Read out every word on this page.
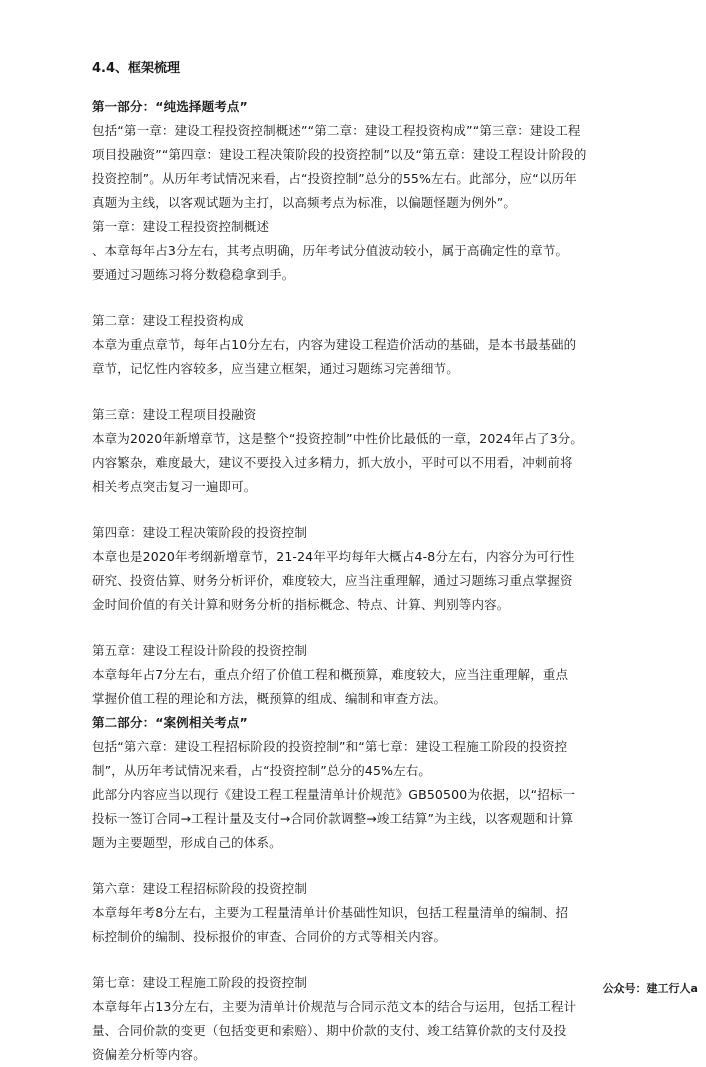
4.4、框架梳理
第一部分：“纯选择题考点”
包括“第一章：建设工程投资控制概述”“第二章：建设工程投资构成”“第三章：建设工程
项目投融资”“第四章：建设工程决策阶段的投资控制”以及“第五章：建设工程设计阶段的
投资控制”。从历年考试情况来看，占“投资控制”总分的55%左右。此部分，应“以历年
真题为主线，以客观试题为主打，以高频考点为标准，以偏题怪题为例外”。
第一章：建设工程投资控制概述
、本章每年占3分左右，其考点明确，历年考试分值波动较小，属于高确定性的章节。
要通过习题练习将分数稳稳拿到手。
第二章：建设工程投资构成
本章为重点章节，每年占10分左右，内容为建设工程造价活动的基础，是本书最基础的
章节，记忆性内容较多，应当建立框架，通过习题练习完善细节。
第三章：建设工程项目投融资
本章为2020年新增章节，这是整个“投资控制”中性价比最低的一章，2024年占了3分。
内容繁杂，难度最大，建议不要投入过多精力，抓大放小，平时可以不用看，冲刺前将
相关考点突击复习一遍即可。
第四章：建设工程决策阶段的投资控制
本章也是2020年考纲新增章节，21-24年平均每年大概占4-8分左右，内容分为可行性
研究、投资估算、财务分析评价，难度较大，应当注重理解，通过习题练习重点掌握资
金时间价值的有关计算和财务分析的指标概念、特点、计算、判别等内容。
第五章：建设工程设计阶段的投资控制
本章每年占7分左右，重点介绍了价值工程和概预算，难度较大，应当注重理解，重点
掌握价值工程的理论和方法，概预算的组成、编制和审查方法。
第二部分：“案例相关考点”
包括“第六章：建设工程招标阶段的投资控制”和“第七章：建设工程施工阶段的投资控
制”，从历年考试情况来看，占“投资控制”总分的45%左右。
此部分内容应当以现行《建设工程工程量清单计价规范》GB50500为依据，以“招标一
投标一签订合同→工程计量及支付→合同价款调整→竣工结算”为主线，以客观题和计算
题为主要题型，形成自己的体系。
第六章：建设工程招标阶段的投资控制
本章每年考8分左右，主要为工程量清单计价基础性知识，包括工程量清单的编制、招
标控制价的编制、投标报价的审查、合同价的方式等相关内容。
第七章：建设工程施工阶段的投资控制
本章每年占13分左右，主要为清单计价规范与合同示范文本的结合与运用，包括工程计
量、合同价款的变更（包括变更和索赔）、期中价款的支付、竣工结算价款的支付及投
资偏差分析等内容。
公众号：建工行人a
